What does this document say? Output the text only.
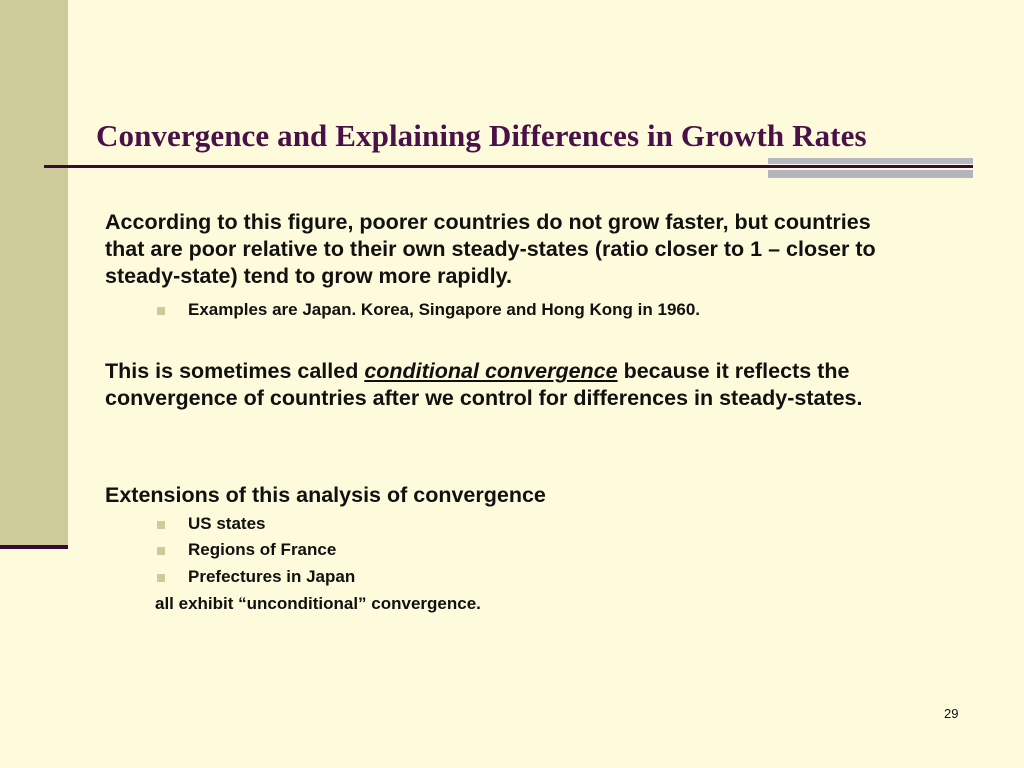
Convergence and Explaining Differences in Growth Rates
According to this figure, poorer countries do not grow faster, but countries that are poor relative to their own steady-states (ratio closer to 1 – closer to steady-state) tend to grow more rapidly.
Examples are Japan. Korea, Singapore and Hong Kong in 1960.
This is sometimes called conditional convergence because it reflects the convergence of countries after we control for differences in steady-states.
Extensions of this analysis of convergence
US states
Regions of France
Prefectures in Japan
all exhibit “unconditional” convergence.
29
